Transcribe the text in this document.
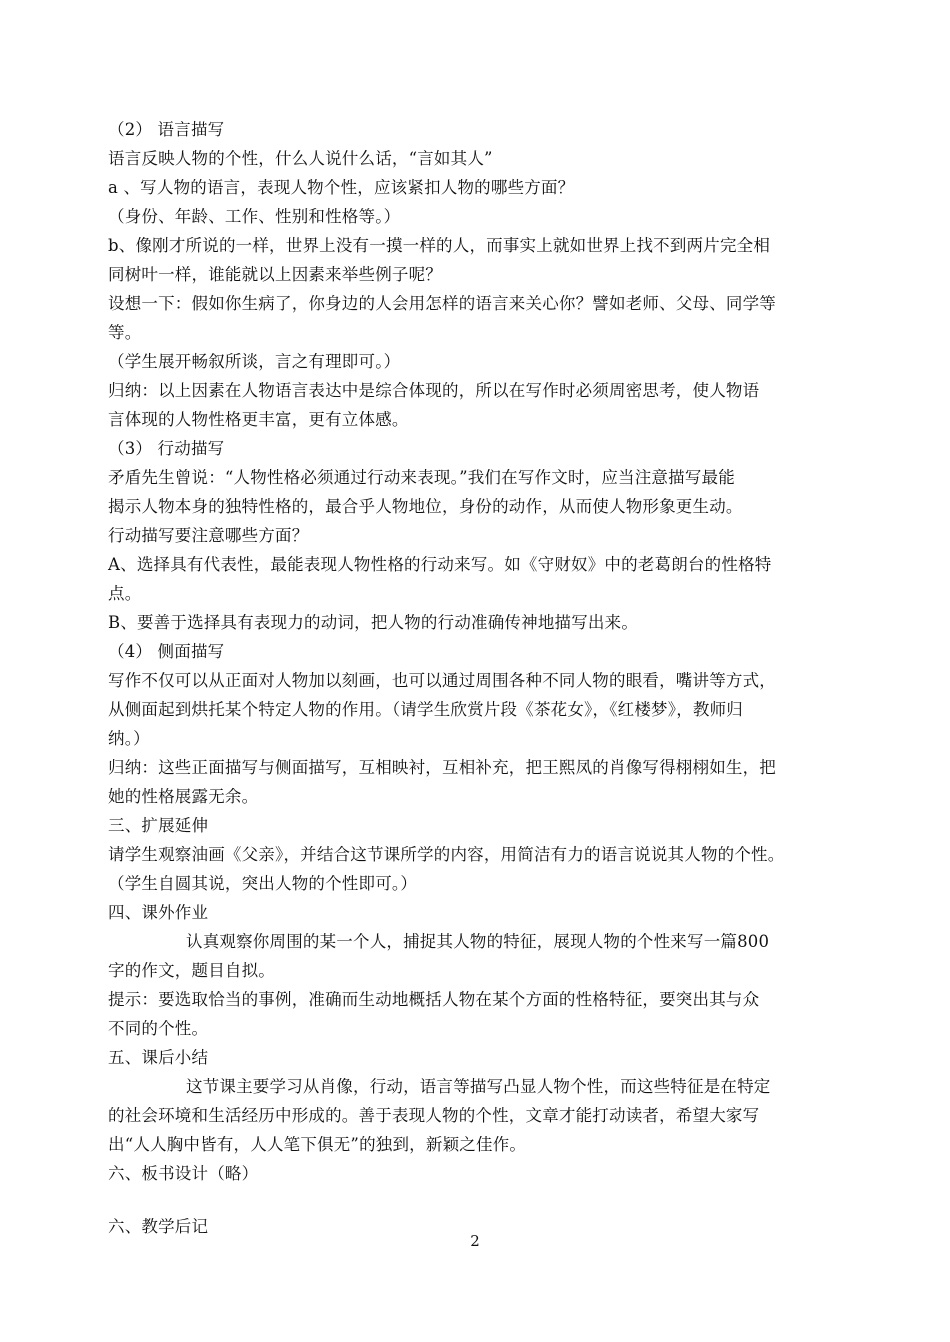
（2） 语言描写
语言反映人物的个性，什么人说什么话，“言如其人”
a 、写人物的语言，表现人物个性，应该紧扣人物的哪些方面？
（身份、年龄、工作、性别和性格等。）
b、像刚才所说的一样，世界上没有一摸一样的人，而事实上就如世界上找不到两片完全相
同树叶一样，谁能就以上因素来举些例子呢？
设想一下：假如你生病了，你身边的人会用怎样的语言来关心你？譬如老师、父母、同学等
等。
（学生展开畅叙所谈，言之有理即可。）
归纳：以上因素在人物语言表达中是综合体现的，所以在写作时必须周密思考，使人物语
言体现的人物性格更丰富，更有立体感。
（3） 行动描写
矛盾先生曾说：“人物性格必须通过行动来表现。”我们在写作文时，应当注意描写最能
揭示人物本身的独特性格的，最合乎人物地位，身份的动作，从而使人物形象更生动。
行动描写要注意哪些方面？
A、选择具有代表性，最能表现人物性格的行动来写。如《守财奴》中的老葛朗台的性格特
点。
B、要善于选择具有表现力的动词，把人物的行动准确传神地描写出来。
（4） 侧面描写
写作不仅可以从正面对人物加以刻画，也可以通过周围各种不同人物的眼看，嘴讲等方式，
从侧面起到烘托某个特定人物的作用。（请学生欣赏片段《茶花女》，《红楼梦》，教师归
纳。）
归纳：这些正面描写与侧面描写，互相映衬，互相补充，把王熙凤的肖像写得栩栩如生，把
她的性格展露无余。
三、扩展延伸
请学生观察油画《父亲》，并结合这节课所学的内容，用简洁有力的语言说说其人物的个性。
（学生自圆其说，突出人物的个性即可。）
四、课外作业
认真观察你周围的某一个人，捕捉其人物的特征，展现人物的个性来写一篇800
字的作文，题目自拟。
提示：要选取恰当的事例，准确而生动地概括人物在某个方面的性格特征，要突出其与众
不同的个性。
五、课后小结
这节课主要学习从肖像，行动，语言等描写凸显人物个性，而这些特征是在特定
的社会环境和生活经历中形成的。善于表现人物的个性，文章才能打动读者，希望大家写
出“人人胸中皆有，人人笔下俱无”的独到，新颖之佳作。
六、板书设计（略）
六、教学后记
2
